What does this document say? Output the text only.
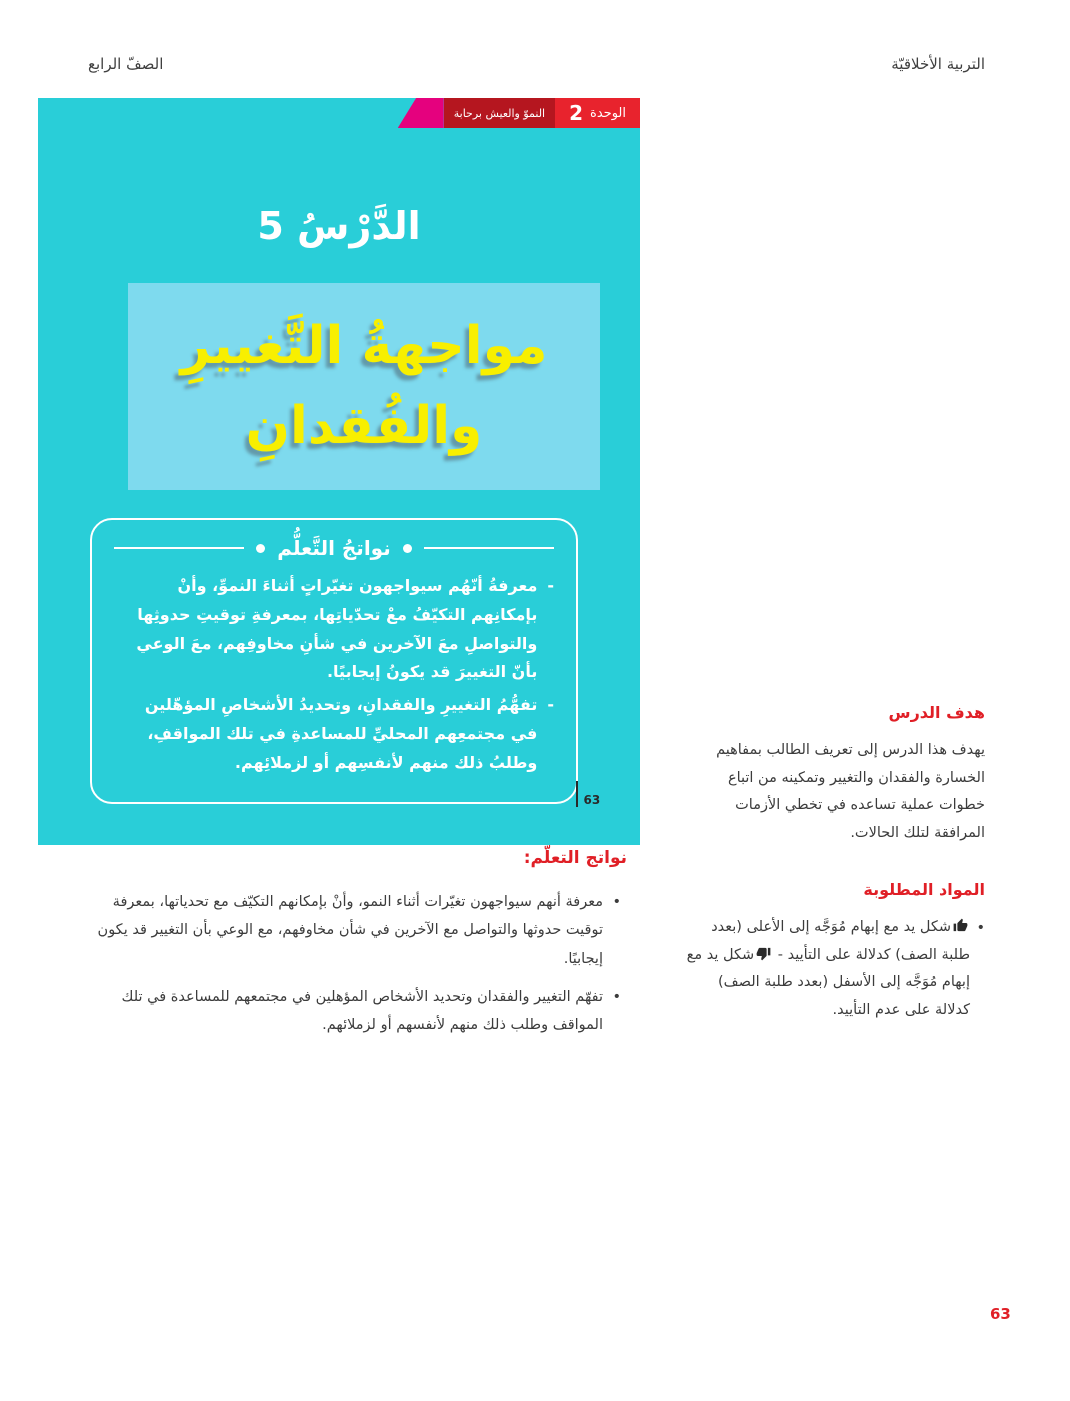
التربية الأخلاقيّة
الصفّ الرابع
النموّ والعيش برحابة	الوحدة
2
الدَّرْسُ 5
مواجهةُ التَّغييرِ
والفُقدانِ
نواتجُ التَّعلُّم
-
معرفةُ أنّهُم سيواجهون تغيّراتٍ أثناءَ النموِّ، وأنْ بإمكانِهم التكيّفُ معْ تحدّياتِها، بمعرفةِ توقيتِ حدوثِها والتواصلِ معَ الآخرين في شأنِ مخاوفِهم، معَ الوعي بأنّ التغييرَ قد يكونُ إيجابيًا.
-
تفهُّمُ التغييرِ والفقدانِ، وتحديدُ الأشخاصِ المؤهّلين في مجتمعِهم المحليِّ للمساعدةِ في تلك المواقفِ، وطلبُ ذلك منهم لأنفسِهم أو لزملائِهم.
63
هدف الدرس

يهدف هذا الدرس إلى تعريف الطالب بمفاهيم الخسارة والفقدان والتغيير وتمكينه من اتباع خطوات عملية تساعده في تخطي الأزمات المرافقة لتلك الحالات.

المواد المطلوبة

•
شكل يد مع إبهام مُوَجَّه إلى الأعلى (بعدد طلبة الصف) كدلالة على التأييد - شكل يد مع إبهام مُوَجَّه إلى الأسفل (بعدد طلبة الصف) كدلالة على عدم التأييد.

نواتج التعلّم:
•
معرفة أنهم سيواجهون تغيّرات أثناء النمو، وأنْ بإمكانهم التكيّف مع تحدياتها، بمعرفة توقيت حدوثها والتواصل مع الآخرين في شأن مخاوفهم، مع الوعي بأن التغيير قد يكون إيجابيًا.
•
تفهّم التغيير والفقدان وتحديد الأشخاص المؤهلين في مجتمعهم للمساعدة في تلك المواقف وطلب ذلك منهم لأنفسهم أو لزملائهم.
63
